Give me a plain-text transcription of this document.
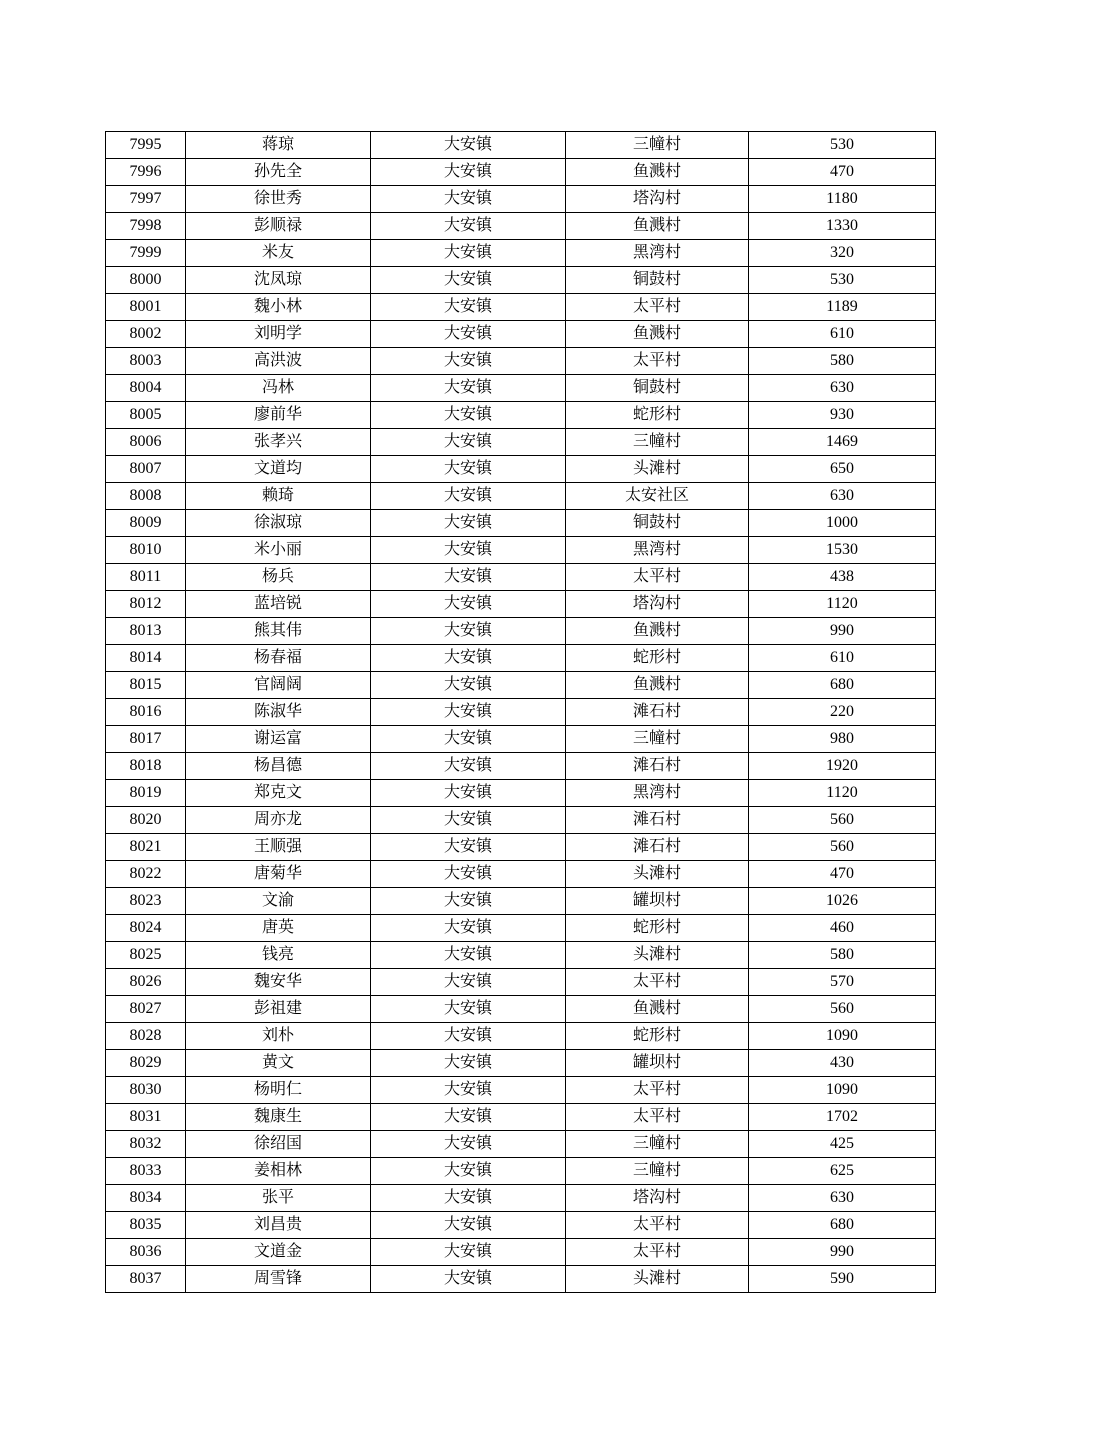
7995	蒋琼	大安镇	三幢村	530
7996	孙先全	大安镇	鱼溅村	470
7997	徐世秀	大安镇	塔沟村	1180
7998	彭顺禄	大安镇	鱼溅村	1330
7999	米友	大安镇	黑湾村	320
8000	沈凤琼	大安镇	铜鼓村	530
8001	魏小林	大安镇	太平村	1189
8002	刘明学	大安镇	鱼溅村	610
8003	高洪波	大安镇	太平村	580
8004	冯林	大安镇	铜鼓村	630
8005	廖前华	大安镇	蛇形村	930
8006	张孝兴	大安镇	三幢村	1469
8007	文道均	大安镇	头滩村	650
8008	赖琦	大安镇	太安社区	630
8009	徐淑琼	大安镇	铜鼓村	1000
8010	米小丽	大安镇	黑湾村	1530
8011	杨兵	大安镇	太平村	438
8012	蓝培锐	大安镇	塔沟村	1120
8013	熊其伟	大安镇	鱼溅村	990
8014	杨春福	大安镇	蛇形村	610
8015	官阔阔	大安镇	鱼溅村	680
8016	陈淑华	大安镇	滩石村	220
8017	谢运富	大安镇	三幢村	980
8018	杨昌德	大安镇	滩石村	1920
8019	郑克文	大安镇	黑湾村	1120
8020	周亦龙	大安镇	滩石村	560
8021	王顺强	大安镇	滩石村	560
8022	唐菊华	大安镇	头滩村	470
8023	文渝	大安镇	罐坝村	1026
8024	唐英	大安镇	蛇形村	460
8025	钱亮	大安镇	头滩村	580
8026	魏安华	大安镇	太平村	570
8027	彭祖建	大安镇	鱼溅村	560
8028	刘朴	大安镇	蛇形村	1090
8029	黄文	大安镇	罐坝村	430
8030	杨明仁	大安镇	太平村	1090
8031	魏康生	大安镇	太平村	1702
8032	徐绍国	大安镇	三幢村	425
8033	姜相林	大安镇	三幢村	625
8034	张平	大安镇	塔沟村	630
8035	刘昌贵	大安镇	太平村	680
8036	文道金	大安镇	太平村	990
8037	周雪锋	大安镇	头滩村	590
